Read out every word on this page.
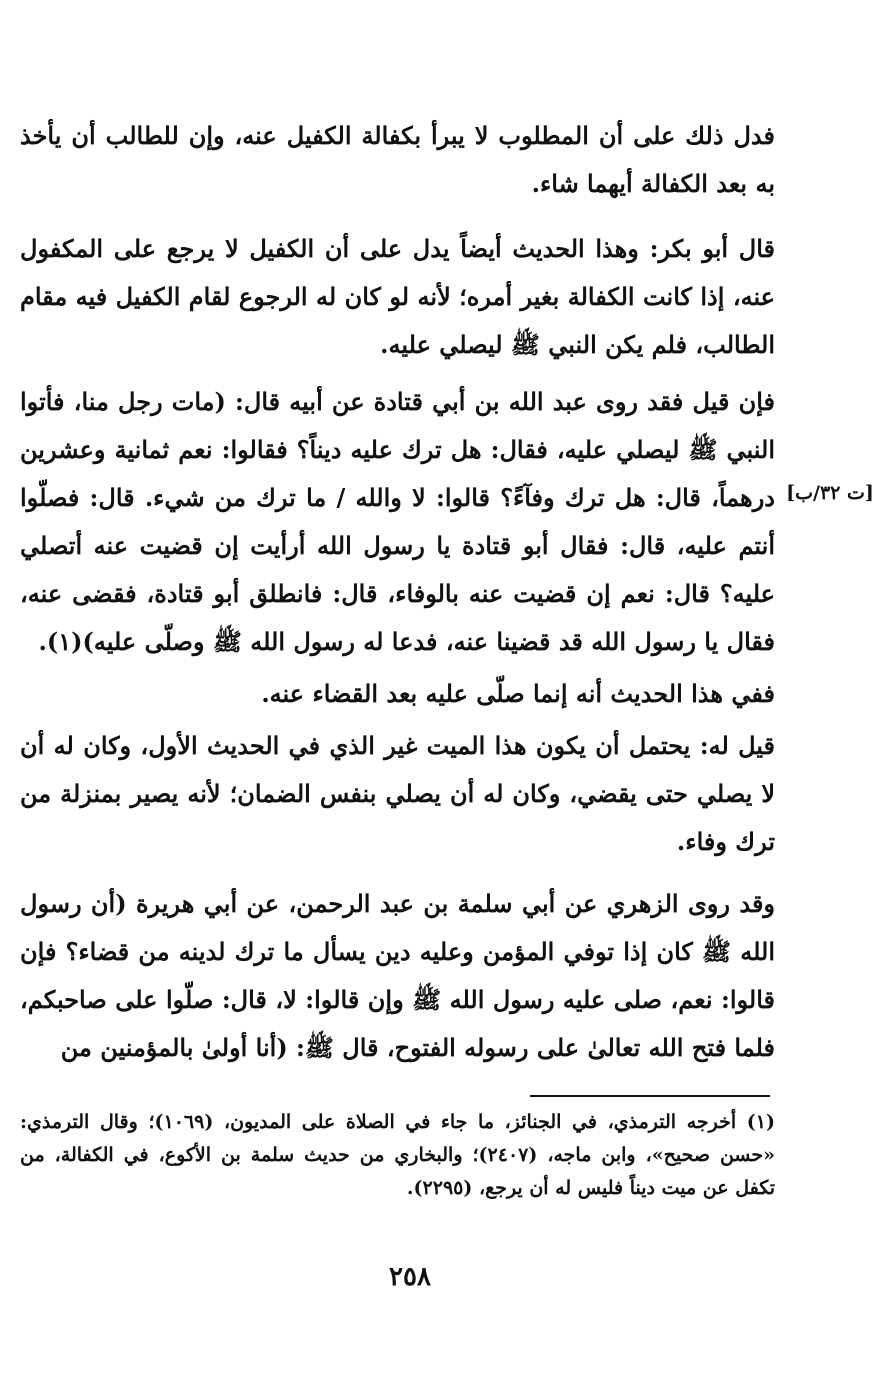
فدل ذلك على أن المطلوب لا يبرأ بكفالة الكفيل عنه، وإن للطالب أن يأخذ به بعد الكفالة أيهما شاء.

قال أبو بكر: وهذا الحديث أيضاً يدل على أن الكفيل لا يرجع على المكفول عنه، إذا كانت الكفالة بغير أمره؛ لأنه لو كان له الرجوع لقام الكفيل فيه مقام الطالب، فلم يكن النبي ﷺ ليصلي عليه.

فإن قيل فقد روى عبد الله بن أبي قتادة عن أبيه قال: (مات رجل منا، فأتوا النبي ﷺ ليصلي عليه، فقال: هل ترك عليه ديناً؟ فقالوا: نعم ثمانية وعشرين درهماً، قال: هل ترك وفآءً؟ قالوا: لا والله / ما ترك من شيء. قال: فصلّوا أنتم عليه، قال: فقال أبو قتادة يا رسول الله أرأيت إن قضيت عنه أتصلي عليه؟ قال: نعم إن قضيت عنه بالوفاء، قال: فانطلق أبو قتادة، فقضى عنه، فقال يا رسول الله قد قضينا عنه، فدعا له رسول الله ﷺ وصلّى عليه)(١).

[ت ٣٢/ب]

ففي هذا الحديث أنه إنما صلّى عليه بعد القضاء عنه.

قيل له: يحتمل أن يكون هذا الميت غير الذي في الحديث الأول، وكان له أن لا يصلي حتى يقضي، وكان له أن يصلي بنفس الضمان؛ لأنه يصير بمنزلة من ترك وفاء.

وقد روى الزهري عن أبي سلمة بن عبد الرحمن، عن أبي هريرة (أن رسول الله ﷺ كان إذا توفي المؤمن وعليه دين يسأل ما ترك لدينه من قضاء؟ فإن قالوا: نعم، صلى عليه رسول الله ﷺ وإن قالوا: لا، قال: صلّوا على صاحبكم، فلما فتح الله تعالىٰ على رسوله الفتوح، قال ﷺ: (أنا أولىٰ بالمؤمنين من

(١) أخرجه الترمذي، في الجنائز، ما جاء في الصلاة على المديون، (١٠٦٩)؛ وقال الترمذي: «حسن صحيح»، وابن ماجه، (٢٤٠٧)؛ والبخاري من حديث سلمة بن الأكوع، في الكفالة، من تكفل عن ميت ديناً فليس له أن يرجع، (٢٢٩٥).

٢٥٨
